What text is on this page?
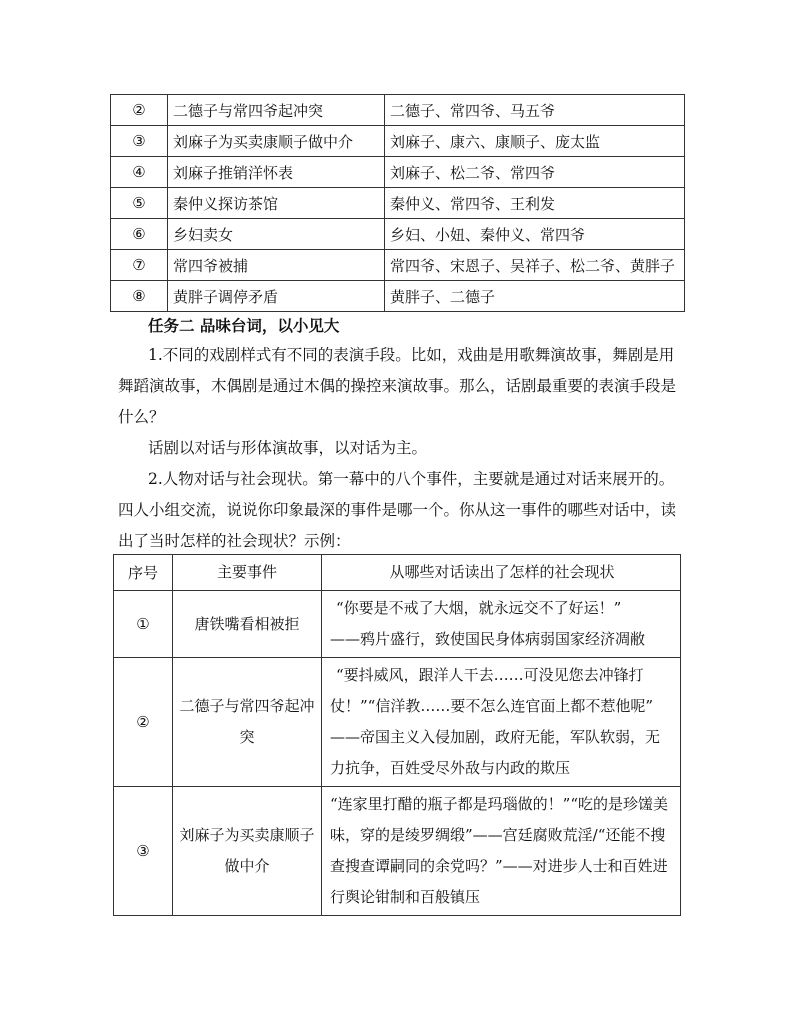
②	二德子与常四爷起冲突	二德子、常四爷、马五爷
③	刘麻子为买卖康顺子做中介	刘麻子、康六、康顺子、庞太监
④	刘麻子推销洋怀表	刘麻子、松二爷、常四爷
⑤	秦仲义探访茶馆	秦仲义、常四爷、王利发
⑥	乡妇卖女	乡妇、小妞、秦仲义、常四爷
⑦	常四爷被捕	常四爷、宋恩子、吴祥子、松二爷、黄胖子
⑧	黄胖子调停矛盾	黄胖子、二德子
任务二 品味台词，以小见大

1.不同的戏剧样式有不同的表演手段。比如，戏曲是用歌舞演故事，舞剧是用舞蹈演故事，木偶剧是通过木偶的操控来演故事。那么，话剧最重要的表演手段是什么？

话剧以对话与形体演故事，以对话为主。

2.人物对话与社会现状。第一幕中的八个事件，主要就是通过对话来展开的。四人小组交流，说说你印象最深的事件是哪一个。你从这一事件的哪些对话中，读出了当时怎样的社会现状？示例：

序号	主要事件	从哪些对话读出了怎样的社会现状
①	唐铁嘴看相被拒	“你要是不戒了大烟，就永远交不了好运！”
——鸦片盛行，致使国民身体病弱国家经济凋敝

②	二德子与常四爷起冲突	“要抖威风，跟洋人干去……可没见您去冲锋打仗！”“信洋教……要不怎么连官面上都不惹他呢”
——帝国主义入侵加剧，政府无能，军队软弱，无力抗争，百姓受尽外敌与内政的欺压

③	刘麻子为买卖康顺子做中介	“连家里打醋的瓶子都是玛瑙做的！”“吃的是珍馐美味，穿的是绫罗绸缎”——宫廷腐败荒淫/“还能不搜查搜查谭嗣同的余党吗？”——对进步人士和百姓进行舆论钳制和百般镇压
